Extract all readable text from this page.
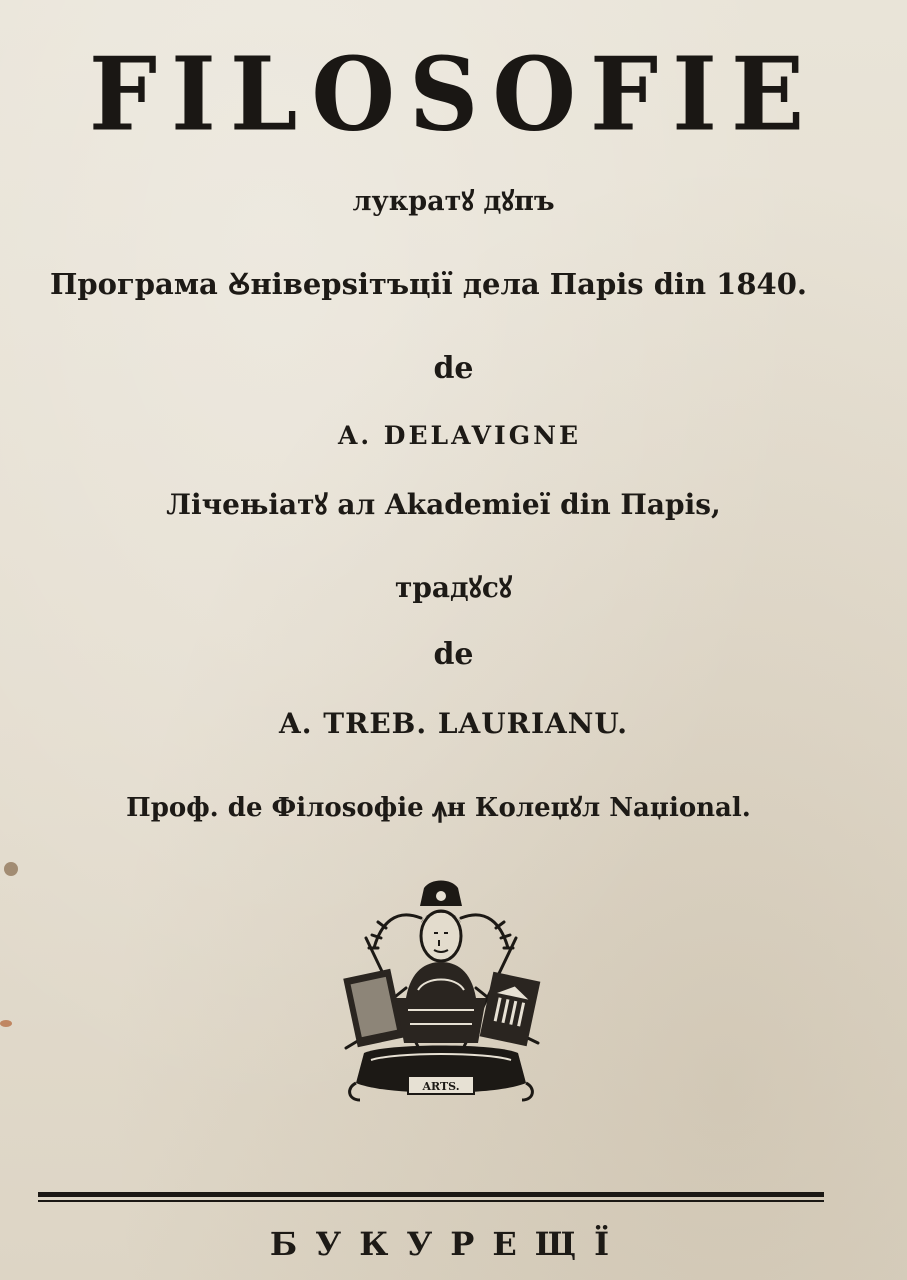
FILOSOFIE
лукратꙋ дꙋпъ
Програма Ꙋніверsітъцiï дела Парis din 1840.
de
A. DELAVIGNE
Лiчењiaтꙋ ал Akademieï din Парis,
традꙋсꙋ
de
A. TREB. LAURIANU.
Проф. de Фiлоsофie ꙟн Колеџꙋл Naџional.
ARTS.
БУКУРЕЩЇ
